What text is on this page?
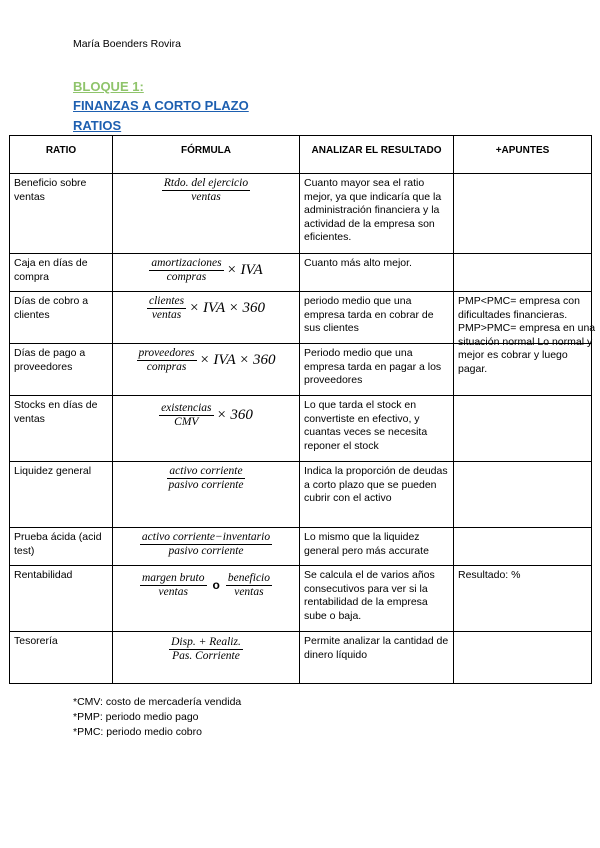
María Boenders Rovira
BLOQUE 1:
FINANZAS A CORTO PLAZO
RATIOS
RATIO	FÓRMULA	ANALIZAR EL RESULTADO	+APUNTES
Beneficio sobre ventas	$\frac{\text{Rtdo. del ejercicio}}{\text{ventas}}$	Cuanto mayor sea el ratio mejor, ya que indicaría que la administración financiera y la actividad de la empresa son eficientes.	
Caja en días de compra	$\frac{\text{amortizaciones}}{\text{compras}}$ × IVA	Cuanto más alto mejor.	
Días de cobro a clientes	$\frac{\text{clientes}}{\text{ventas}}$ × IVA × 360	periodo medio que una empresa tarda en cobrar de sus clientes	PMP<PMC= empresa con dificultades financieras. PMP>PMC= empresa en una situación normal Lo normal y mejor es cobrar y luego pagar.

Días de pago a proveedores	$\frac{\text{proveedores}}{\text{compras}}$ × IVA × 360	Periodo medio que una empresa tarda en pagar a los proveedores	
Stocks en días de ventas	$\frac{\text{existencias}}{\text{CMV}} \times 360$	Lo que tarda el stock en convertiste en efectivo, y cuantas veces se necesita reponer el stock	
Liquidez general	$\frac{\text{activo corriente}}{\text{pasivo corriente}}$	Indica la proporción de deudas a corto plazo que se pueden cubrir con el activo	
Prueba ácida (acid test)	$\frac{\text{activo corriente−inventario}}{\text{pasivo corriente}}$	Lo mismo que la liquidez general pero más accurate	
Rentabilidad	$\frac{\text{margen bruto}}{\text{ventas}}$ o $\frac{\text{beneficio}}{\text{ventas}}$	Se calcula el de varios años consecutivos para ver si la rentabilidad de la empresa sube o baja.	Resultado: %
Tesorería	$\frac{\text{Disp. + Realiz.}}{\text{Pas. Corriente}}$	Permite analizar la cantidad de dinero líquido	
*CMV: costo de mercadería vendida
*PMP: periodo medio pago
*PMC: periodo medio cobro
